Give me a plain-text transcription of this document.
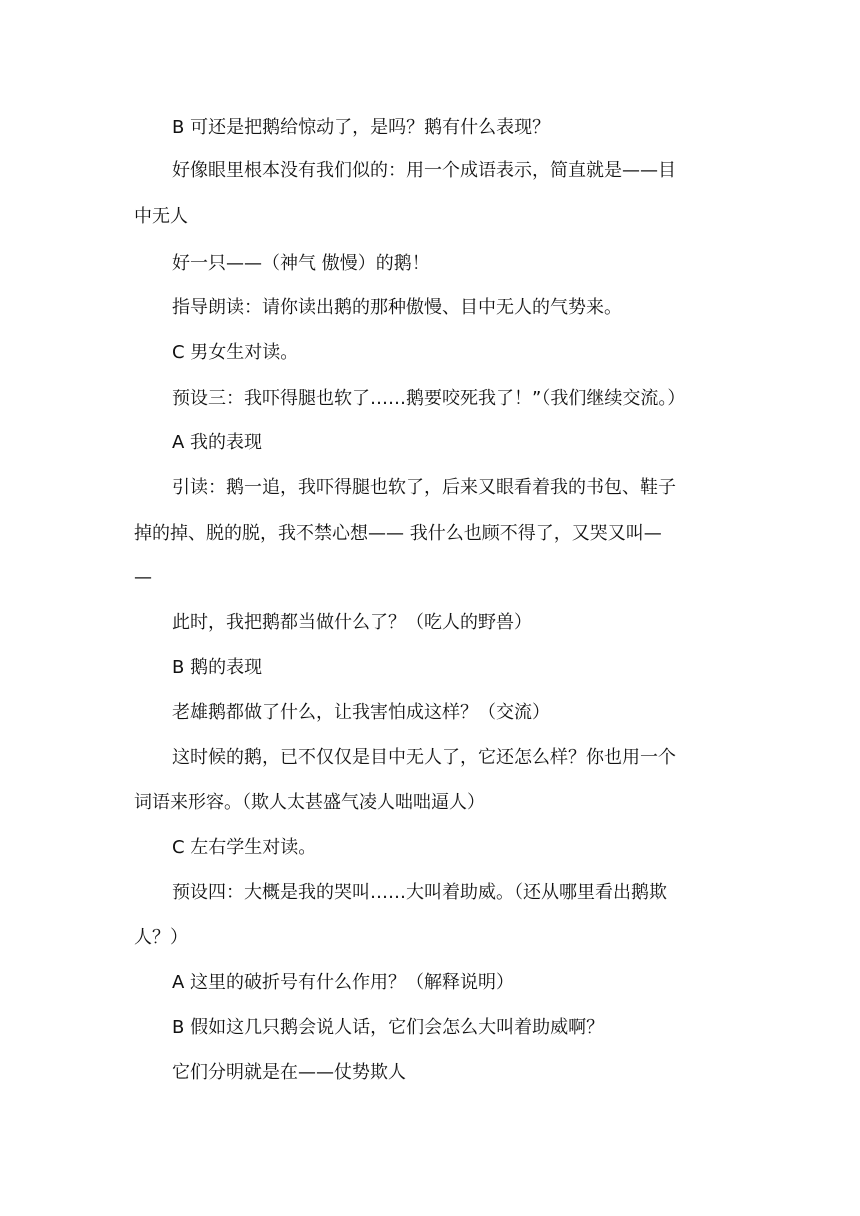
B 可还是把鹅给惊动了，是吗？鹅有什么表现？

好像眼里根本没有我们似的：用一个成语表示，简直就是——目
中无人

好一只——（神气 傲慢）的鹅！

指导朗读：请你读出鹅的那种傲慢、目中无人的气势来。

C 男女生对读。

预设三：我吓得腿也软了……鹅要咬死我了！”（我们继续交流。）

A 我的表现

引读：鹅一追，我吓得腿也软了，后来又眼看着我的书包、鞋子
掉的掉、脱的脱，我不禁心想—— 我什么也顾不得了，又哭又叫—
—

此时，我把鹅都当做什么了？（吃人的野兽）

B 鹅的表现

老雄鹅都做了什么，让我害怕成这样？（交流）

这时候的鹅，已不仅仅是目中无人了，它还怎么样？你也用一个
词语来形容。（欺人太甚盛气凌人咄咄逼人）

C 左右学生对读。

预设四：大概是我的哭叫……大叫着助威。（还从哪里看出鹅欺
人？）

A 这里的破折号有什么作用？（解释说明）

B 假如这几只鹅会说人话，它们会怎么大叫着助威啊？

它们分明就是在——仗势欺人
